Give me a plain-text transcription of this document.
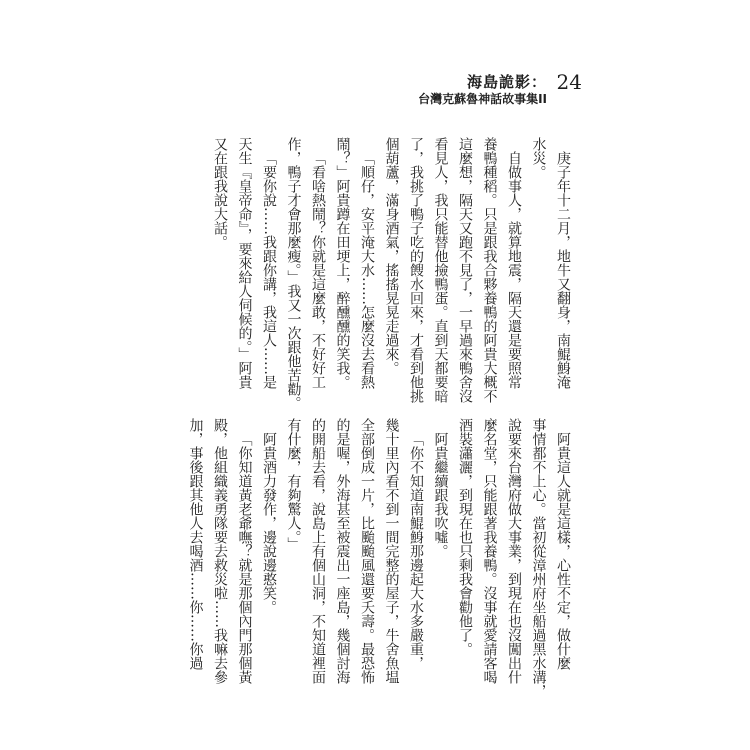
海島詭影：
台灣克蘇魯神話故事集II
24
庚子年十二月，地牛又翻身，南鯤鯓淹
水災。
自做事人，就算地震，隔天還是要照常
養鴨種稻。只是跟我合夥養鴨的阿貴大概不
這麼想，隔天又跑不見了，一早過來鴨舍沒
看見人，我只能替他撿鴨蛋。直到天都要暗
了，我挑了鴨子吃的餿水回來，才看到他挑
個葫蘆，滿身酒氣，搖搖晃晃走過來。
「順仔，安平淹大水……怎麼沒去看熱
鬧？」阿貴蹲在田埂上，醉醺醺的笑我。
「看啥熱鬧？你就是這麼敢，不好好工
作，鴨子才會那麼瘦。」我又一次跟他苦勸。
「要你說……我跟你講，我這人……是
天生『皇帝命』，要來給人伺候的。」阿貴
又在跟我說大話。
阿貴這人就是這樣，心性不定，做什麼
事情都不上心。當初從漳州府坐船過黑水溝，
說要來台灣府做大事業，到現在也沒闖出什
麼名堂，只能跟著我養鴨。沒事就愛請客喝
酒裝瀟灑，到現在也只剩我會勸他了。
阿貴繼續跟我吹噓。
「你不知道南鯤鯓那邊起大水多嚴重，
幾十里內看不到一間完整的屋子，牛舍魚塭
全部倒成一片，比颱颱風還要夭壽。最恐怖
的是喔，外海甚至被震出一座島，幾個討海
的開船去看，說島上有個山洞，不知道裡面
有什麼，有夠驚人。」
阿貴酒力發作，邊說邊憨笑。
「你知道黃老爺嘸？就是那個內門那個黃
殿，他組織義勇隊要去救災啦……我嘛去參
加，事後跟其他人去喝酒……你……你過
